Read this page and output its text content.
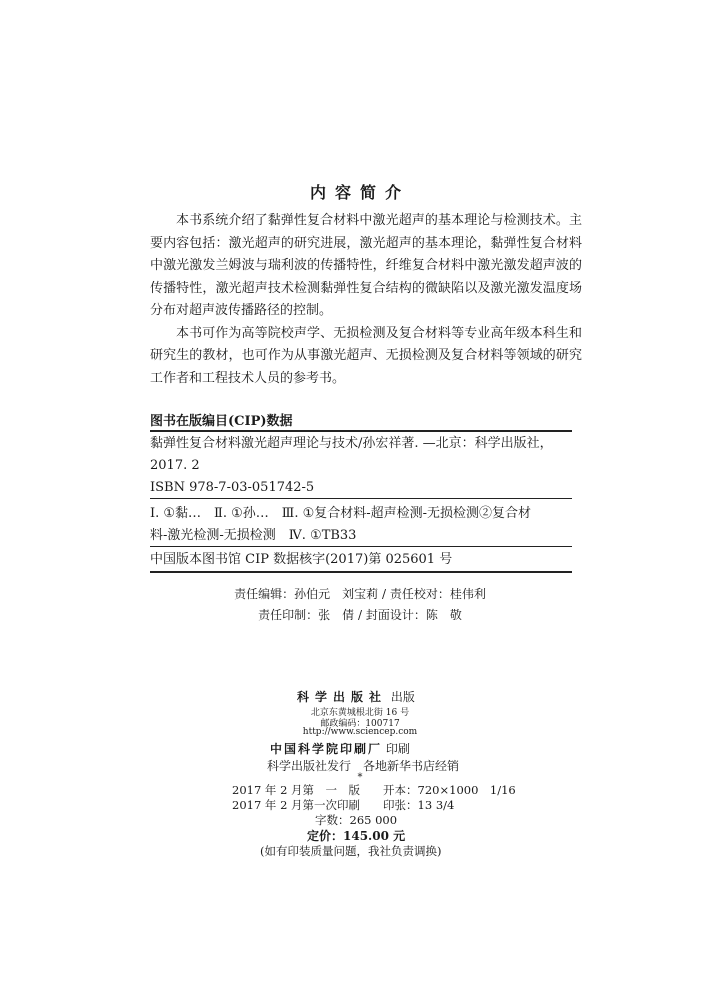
内容简介

本书系统介绍了黏弹性复合材料中激光超声的基本理论与检测技术。主要内容包括：激光超声的研究进展，激光超声的基本理论，黏弹性复合材料中激光激发兰姆波与瑞利波的传播特性，纤维复合材料中激光激发超声波的传播特性，激光超声技术检测黏弹性复合结构的微缺陷以及激光激发温度场分布对超声波传播路径的控制。

本书可作为高等院校声学、无损检测及复合材料等专业高年级本科生和研究生的教材，也可作为从事激光超声、无损检测及复合材料等领域的研究工作者和工程技术人员的参考书。

图书在版编目(CIP)数据
黏弹性复合材料激光超声理论与技术/孙宏祥著. —北京：科学出版社，
2017. 2
ISBN 978-7-03-051742-5
Ⅰ. ①黏…　Ⅱ. ①孙…　Ⅲ. ①复合材料-超声检测-无损检测②复合材
料-激光检测-无损检测　Ⅳ. ①TB33
中国版本图书馆 CIP 数据核字(2017)第 025601 号
责任编辑：孙伯元　刘宝莉 / 责任校对：桂伟利
责任印制：张　倩 / 封面设计：陈　敬
科学出版社 出版
北京东黄城根北街 16 号
邮政编码：100717
http://www.sciencep.com
中国科学院印刷厂 印刷
科学出版社发行　各地新华书店经销
*
2017 年 2 月第　一　版　　开本：720×1000　1/16
2017 年 2 月第一次印刷　　印张：13 3/4
字数：265 000
定价：145.00 元
(如有印装质量问题，我社负责调换)
